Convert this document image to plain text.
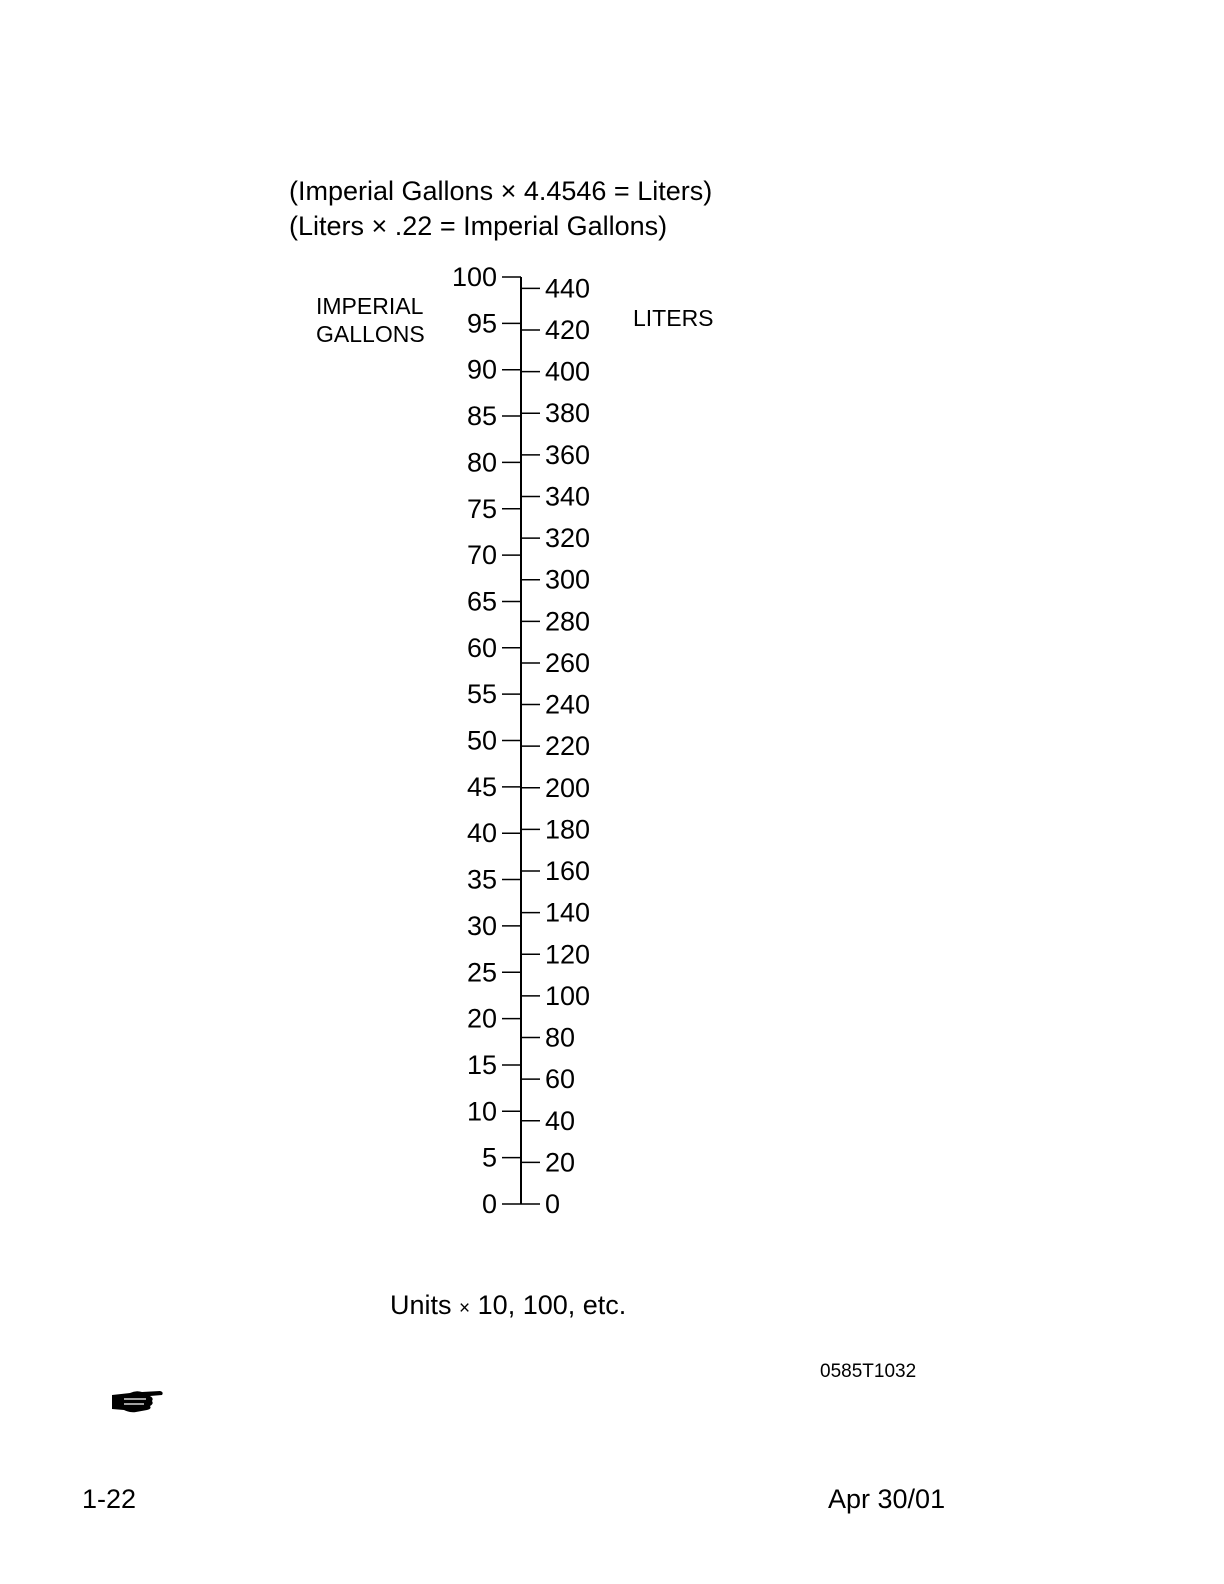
(Imperial Gallons × 4.4546 = Liters)
(Liters × .22 = Imperial Gallons)
IMPERIAL
GALLONS
LITERS
0
5
10
15
20
25
30
35
40
45
50
55
60
65
70
75
80
85
90
95
100
0
20
40
60
80
100
120
140
160
180
200
220
240
260
280
300
320
340
360
380
400
420
440
Units × 10, 100, etc.
0585T1032
1-22	Apr 30/01
